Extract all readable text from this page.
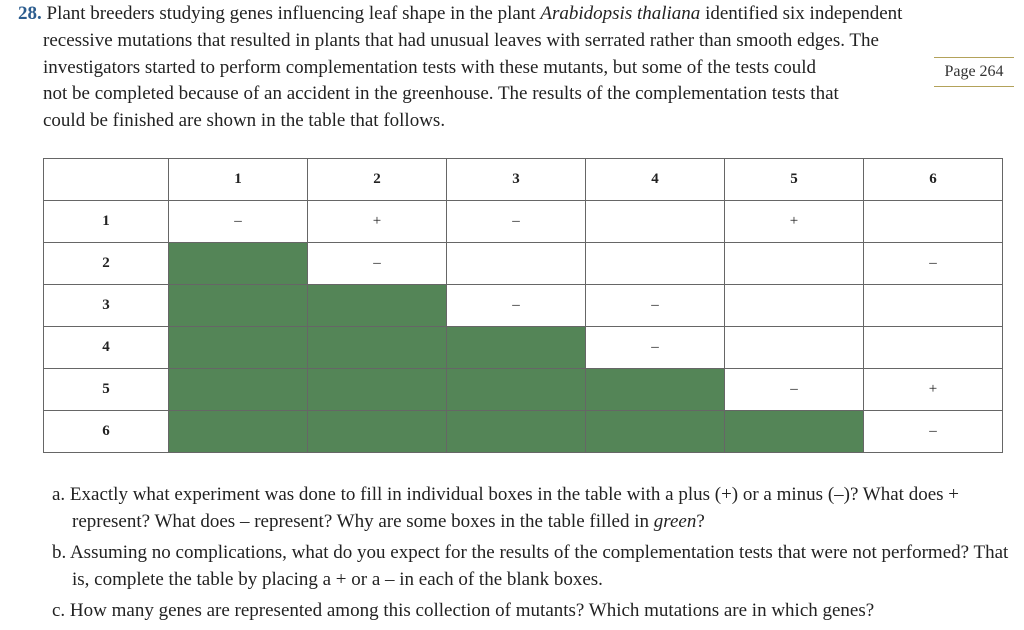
28. Plant breeders studying genes influencing leaf shape in the plant Arabidopsis thaliana identified six independent
recessive mutations that resulted in plants that had unusual leaves with serrated rather than smooth edges. The
investigators started to perform complementation tests with these mutants, but some of the tests could
not be completed because of an accident in the greenhouse. The results of the complementation tests that
could be finished are shown in the table that follows.
Page 264
	1	2	3	4	5	6
1	–	+	–		+	
2		–				–
3			–	–		
4				–		
5					–	+
6						–

a. Exactly what experiment was done to fill in individual boxes in the table with a plus (+) or a minus (–)? What does + represent? What does – represent? Why are some boxes in the table filled in green?

b. Assuming no complications, what do you expect for the results of the complementation tests that were not performed? That is, complete the table by placing a + or a – in each of the blank boxes.

c. How many genes are represented among this collection of mutants? Which mutations are in which genes?
